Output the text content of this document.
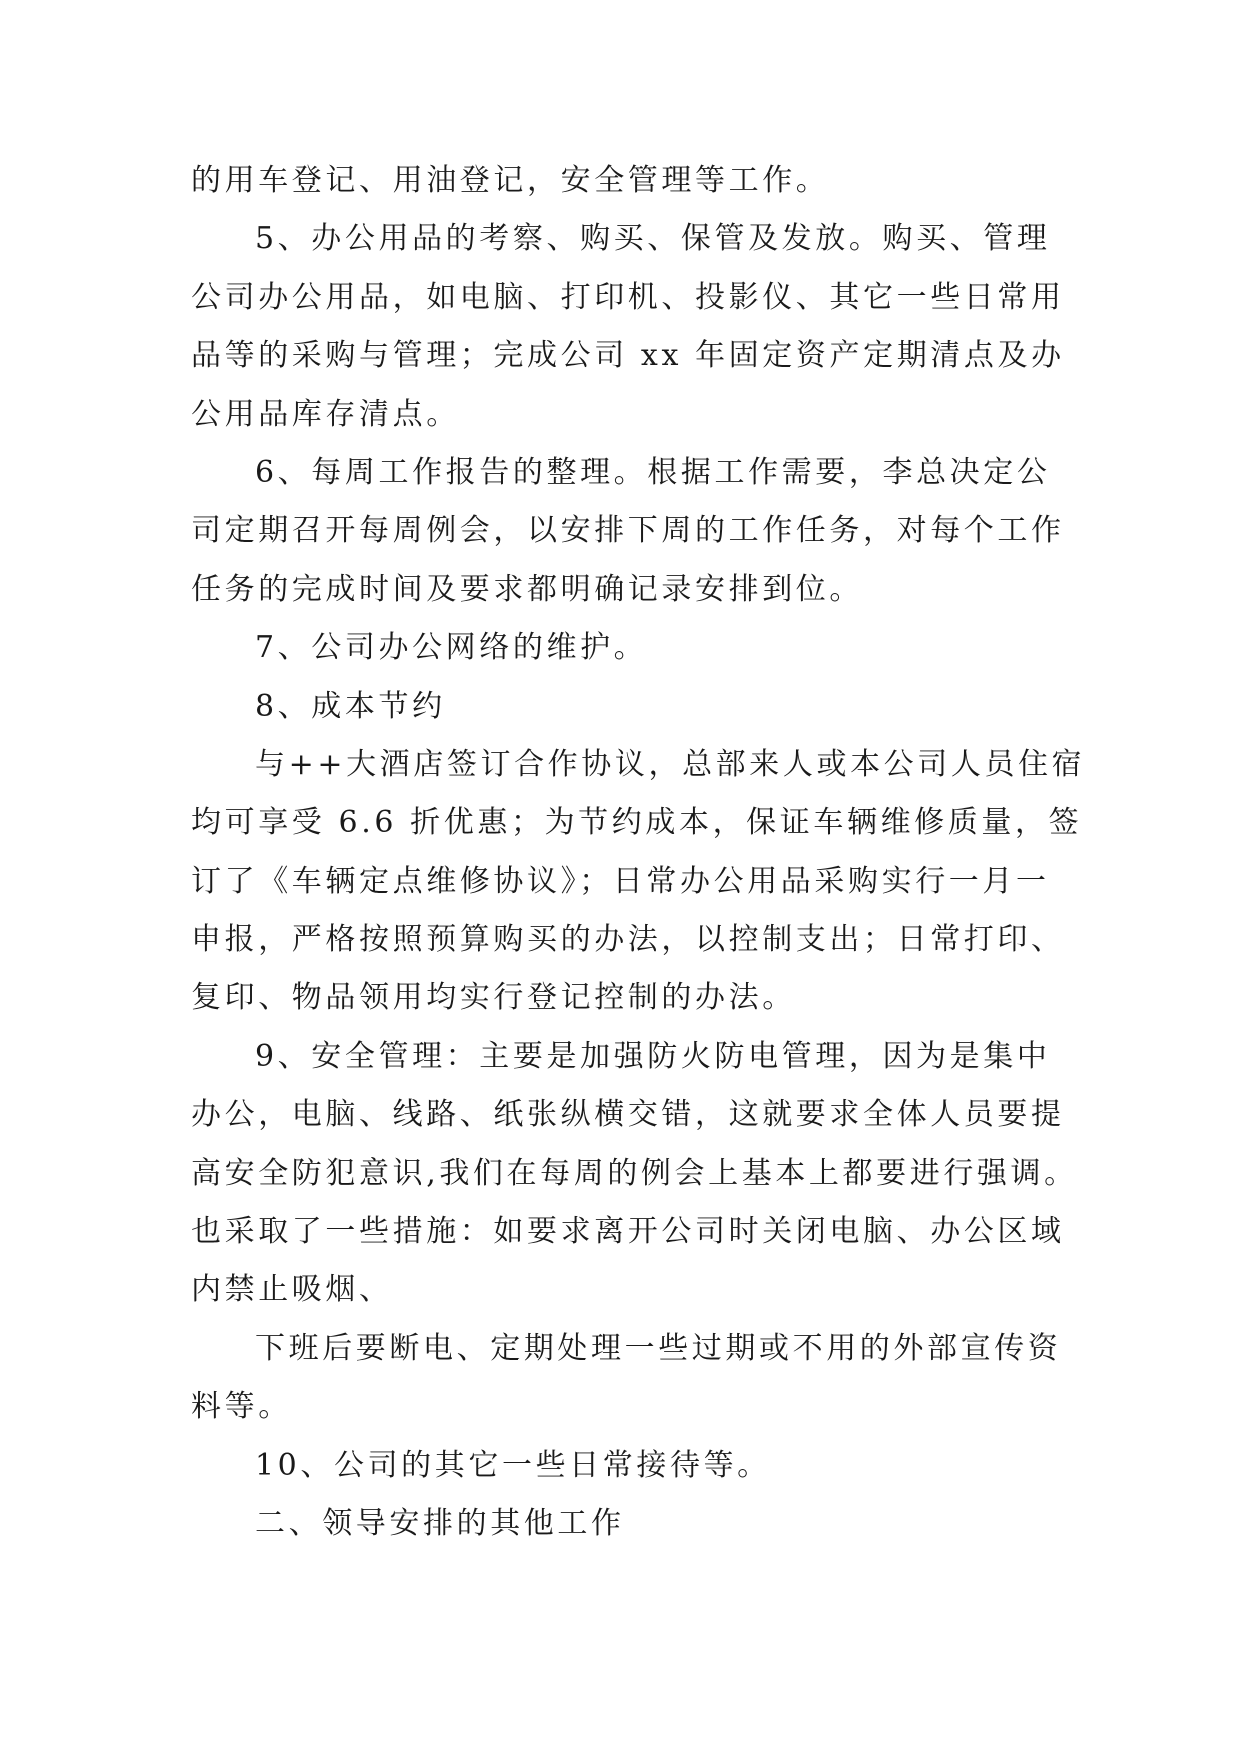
的用车登记、用油登记，安全管理等工作。
5、办公用品的考察、购买、保管及发放。购买、管理
公司办公用品，如电脑、打印机、投影仪、其它一些日常用
品等的采购与管理；完成公司 xx 年固定资产定期清点及办
公用品库存清点。
6、每周工作报告的整理。根据工作需要，李总决定公
司定期召开每周例会，以安排下周的工作任务，对每个工作
任务的完成时间及要求都明确记录安排到位。
7、公司办公网络的维护。
8、成本节约
与++大酒店签订合作协议，总部来人或本公司人员住宿
均可享受 6.6 折优惠；为节约成本，保证车辆维修质量，签
订了《车辆定点维修协议》；日常办公用品采购实行一月一
申报，严格按照预算购买的办法，以控制支出；日常打印、
复印、物品领用均实行登记控制的办法。
9、安全管理：主要是加强防火防电管理，因为是集中
办公，电脑、线路、纸张纵横交错，这就要求全体人员要提
高安全防犯意识,我们在每周的例会上基本上都要进行强调。
也采取了一些措施：如要求离开公司时关闭电脑、办公区域
内禁止吸烟、
下班后要断电、定期处理一些过期或不用的外部宣传资
料等。
10、公司的其它一些日常接待等。
二、领导安排的其他工作
